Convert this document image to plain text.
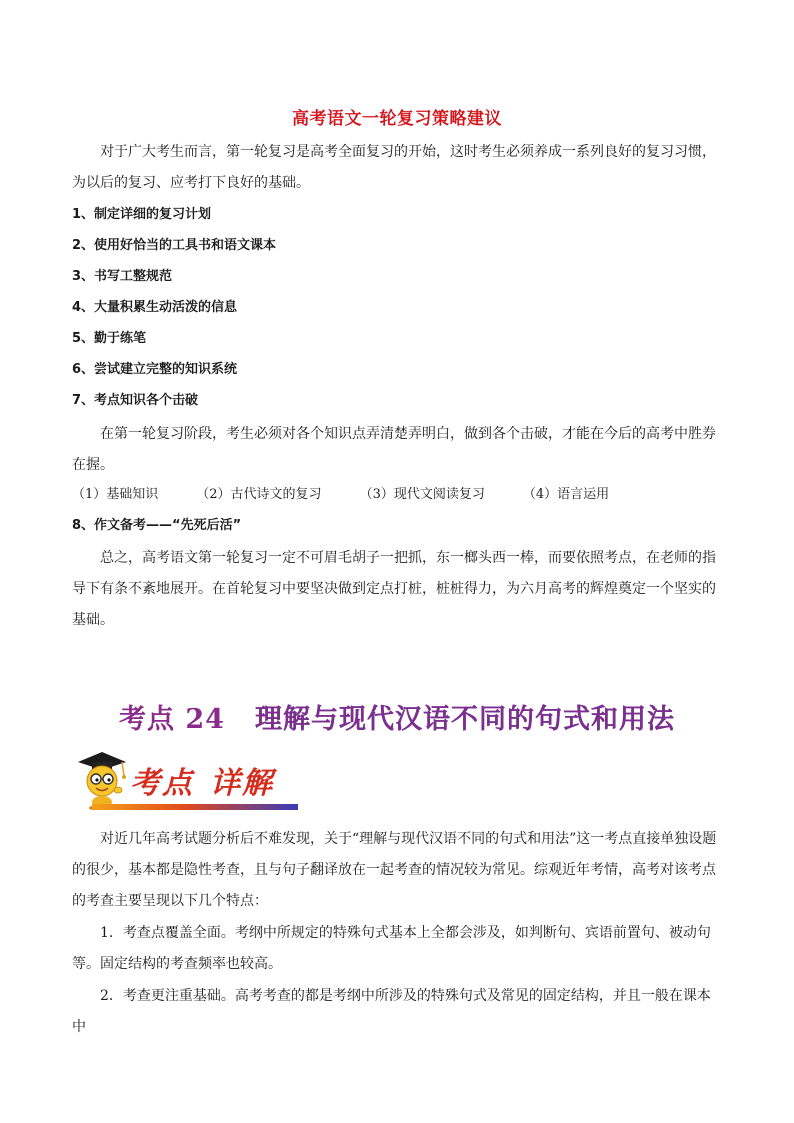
高考语文一轮复习策略建议
对于广大考生而言，第一轮复习是高考全面复习的开始，这时考生必须养成一系列良好的复习习惯，为以后的复习、应考打下良好的基础。
1、制定详细的复习计划
2、使用好恰当的工具书和语文课本
3、书写工整规范
4、大量积累生动活泼的信息
5、勤于练笔
6、尝试建立完整的知识系统
7、考点知识各个击破
在第一轮复习阶段，考生必须对各个知识点弄清楚弄明白，做到各个击破，才能在今后的高考中胜券在握。
（1）基础知识	（2）古代诗文的复习	（3）现代文阅读复习	（4）语言运用
8、作文备考——“先死后活”
总之，高考语文第一轮复习一定不可眉毛胡子一把抓，东一榔头西一棒，而要依照考点，在老师的指导下有条不紊地展开。在首轮复习中要坚决做到定点打桩，桩桩得力，为六月高考的辉煌奠定一个坚实的基础。
考点 24 理解与现代汉语不同的句式和用法
考点 详解
对近几年高考试题分析后不难发现，关于“理解与现代汉语不同的句式和用法”这一考点直接单独设题的很少，基本都是隐性考查，且与句子翻译放在一起考查的情况较为常见。综观近年考情，高考对该考点的考查主要呈现以下几个特点：
1．考查点覆盖全面。考纲中所规定的特殊句式基本上全都会涉及，如判断句、宾语前置句、被动句等。固定结构的考查频率也较高。
2．考查更注重基础。高考考查的都是考纲中所涉及的特殊句式及常见的固定结构，并且一般在课本中
